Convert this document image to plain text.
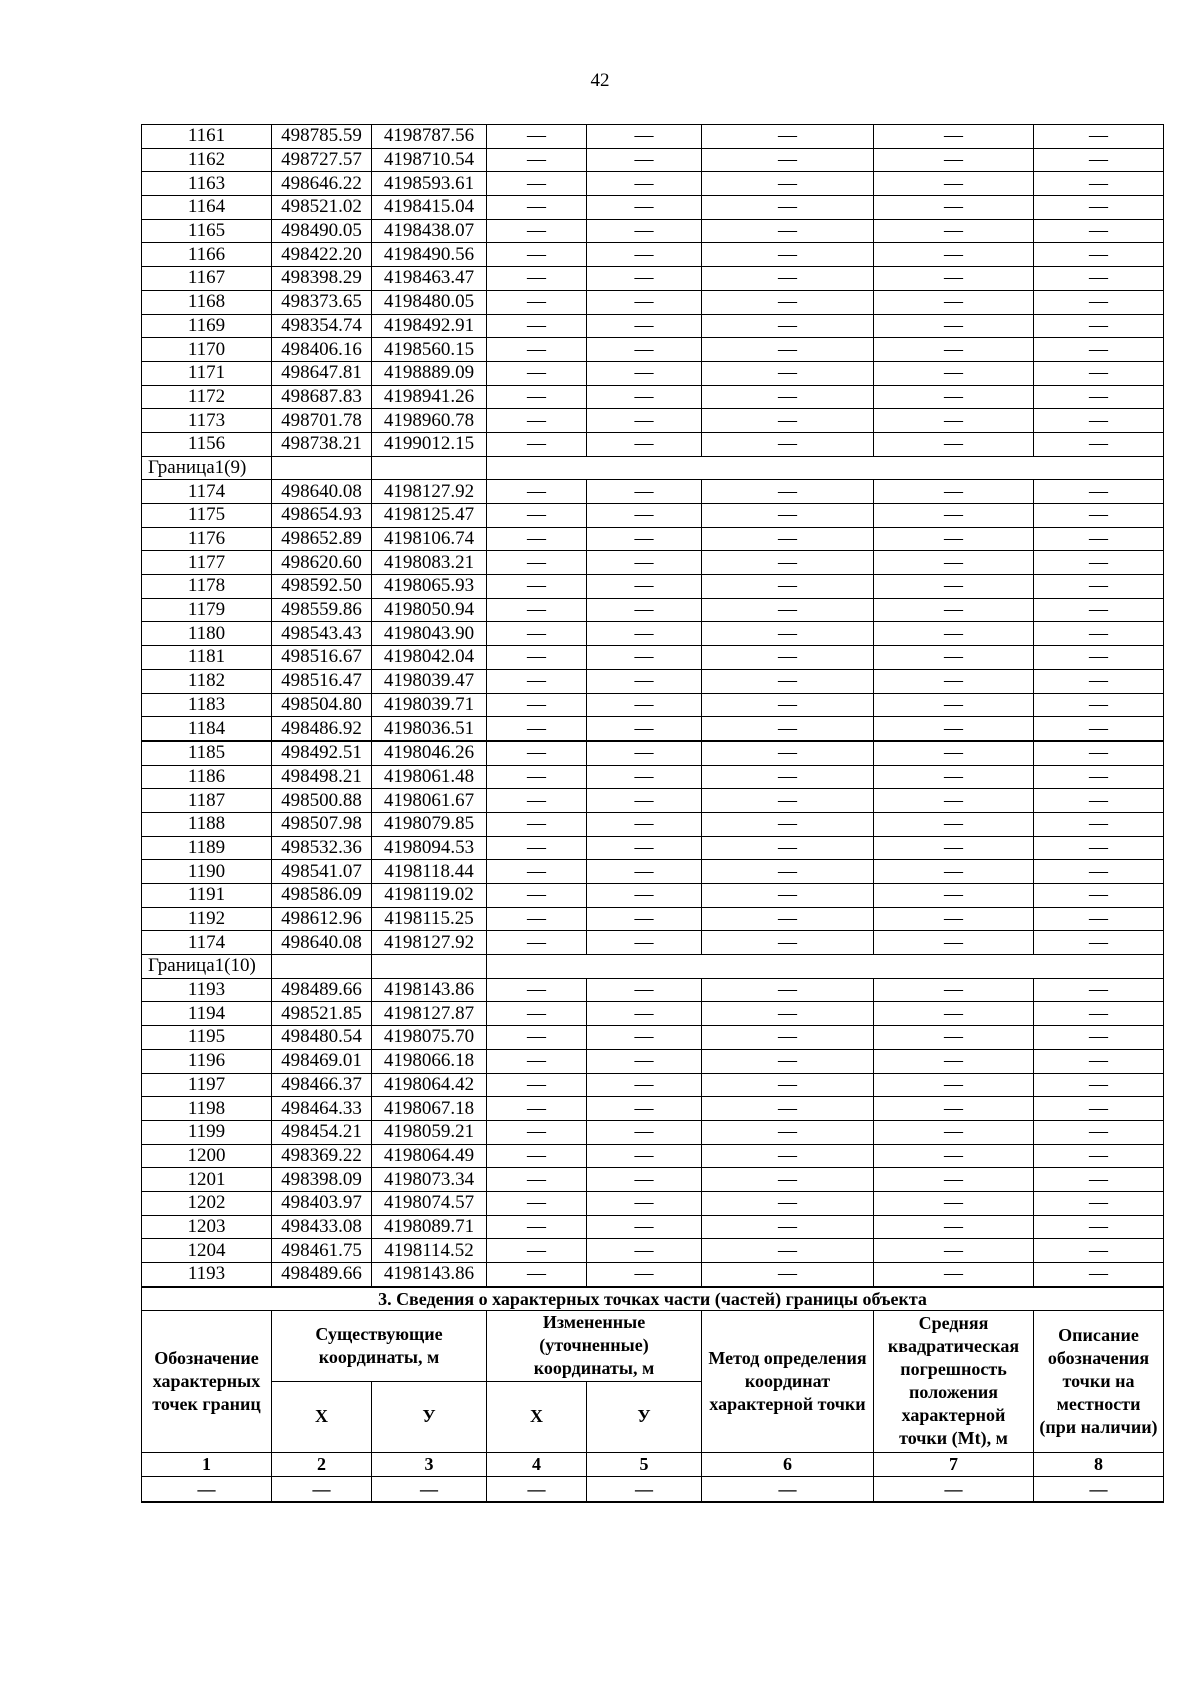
42
1161	498785.59	4198787.56	—	—	—	—	—
1162	498727.57	4198710.54	—	—	—	—	—
1163	498646.22	4198593.61	—	—	—	—	—
1164	498521.02	4198415.04	—	—	—	—	—
1165	498490.05	4198438.07	—	—	—	—	—
1166	498422.20	4198490.56	—	—	—	—	—
1167	498398.29	4198463.47	—	—	—	—	—
1168	498373.65	4198480.05	—	—	—	—	—
1169	498354.74	4198492.91	—	—	—	—	—
1170	498406.16	4198560.15	—	—	—	—	—
1171	498647.81	4198889.09	—	—	—	—	—
1172	498687.83	4198941.26	—	—	—	—	—
1173	498701.78	4198960.78	—	—	—	—	—
1156	498738.21	4199012.15	—	—	—	—	—
Граница1(9)							
1174	498640.08	4198127.92	—	—	—	—	—
1175	498654.93	4198125.47	—	—	—	—	—
1176	498652.89	4198106.74	—	—	—	—	—
1177	498620.60	4198083.21	—	—	—	—	—
1178	498592.50	4198065.93	—	—	—	—	—
1179	498559.86	4198050.94	—	—	—	—	—
1180	498543.43	4198043.90	—	—	—	—	—
1181	498516.67	4198042.04	—	—	—	—	—
1182	498516.47	4198039.47	—	—	—	—	—
1183	498504.80	4198039.71	—	—	—	—	—
1184	498486.92	4198036.51	—	—	—	—	—
1185	498492.51	4198046.26	—	—	—	—	—
1186	498498.21	4198061.48	—	—	—	—	—
1187	498500.88	4198061.67	—	—	—	—	—
1188	498507.98	4198079.85	—	—	—	—	—
1189	498532.36	4198094.53	—	—	—	—	—
1190	498541.07	4198118.44	—	—	—	—	—
1191	498586.09	4198119.02	—	—	—	—	—
1192	498612.96	4198115.25	—	—	—	—	—
1174	498640.08	4198127.92	—	—	—	—	—
Граница1(10)							
1193	498489.66	4198143.86	—	—	—	—	—
1194	498521.85	4198127.87	—	—	—	—	—
1195	498480.54	4198075.70	—	—	—	—	—
1196	498469.01	4198066.18	—	—	—	—	—
1197	498466.37	4198064.42	—	—	—	—	—
1198	498464.33	4198067.18	—	—	—	—	—
1199	498454.21	4198059.21	—	—	—	—	—
1200	498369.22	4198064.49	—	—	—	—	—
1201	498398.09	4198073.34	—	—	—	—	—
1202	498403.97	4198074.57	—	—	—	—	—
1203	498433.08	4198089.71	—	—	—	—	—
1204	498461.75	4198114.52	—	—	—	—	—
1193	498489.66	4198143.86	—	—	—	—	—
3. Сведения о характерных точках части (частей) границы объекта							
Обозначение характерных точек границ	Существующие координаты, м		Измененные (уточненные) координаты, м		Метод определения координат характерной точки	Средняя квадратическая погрешность положения характерной точки (Mt), м	Описание обозначения точки на местности (при наличии)
	Х	У	Х	У			
1	2	3	4	5	6	7	8
—	—	—	—	—	—	—	—
